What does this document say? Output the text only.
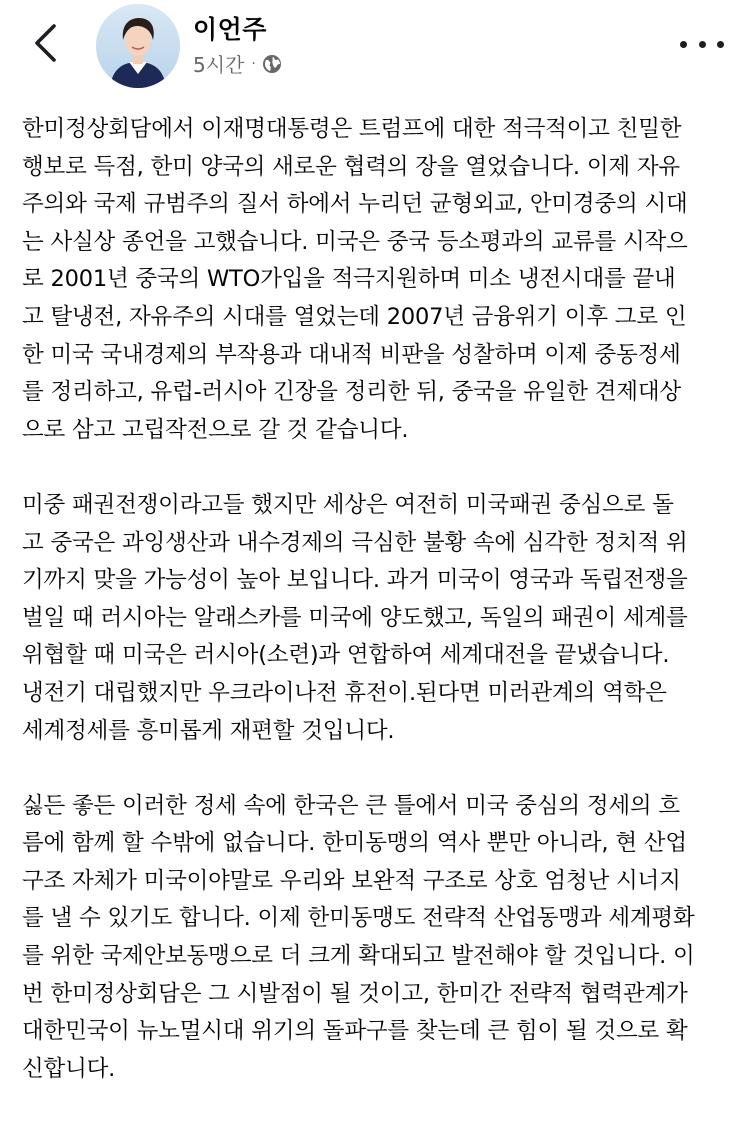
이언주
5시간 ·

한미정상회담에서 이재명대통령은 트럼프에 대한 적극적이고 친밀한
행보로 득점, 한미 양국의 새로운 협력의 장을 열었습니다. 이제 자유
주의와 국제 규범주의 질서 하에서 누리던 균형외교, 안미경중의 시대
는 사실상 종언을 고했습니다. 미국은 중국 등소평과의 교류를 시작으
로 2001년 중국의 WTO가입을 적극지원하며 미소 냉전시대를 끝내
고 탈냉전, 자유주의 시대를 열었는데 2007년 금융위기 이후 그로 인
한 미국 국내경제의 부작용과 대내적 비판을 성찰하며 이제 중동정세
를 정리하고, 유럽-러시아 긴장을 정리한 뒤, 중국을 유일한 견제대상
으로 삼고 고립작전으로 갈 것 같습니다.

미중 패권전쟁이라고들 했지만 세상은 여전히 미국패권 중심으로 돌
고 중국은 과잉생산과 내수경제의 극심한 불황 속에 심각한 정치적 위
기까지 맞을 가능성이 높아 보입니다. 과거 미국이 영국과 독립전쟁을
벌일 때 러시아는 알래스카를 미국에 양도했고, 독일의 패권이 세계를
위협할 때 미국은 러시아(소련)과 연합하여 세계대전을 끝냈습니다.
냉전기 대립했지만 우크라이나전 휴전이.된다면 미러관계의 역학은
세계정세를 흥미롭게 재편할 것입니다.

싫든 좋든 이러한 정세 속에 한국은 큰 틀에서 미국 중심의 정세의 흐
름에 함께 할 수밖에 없습니다. 한미동맹의 역사 뿐만 아니라, 현 산업
구조 자체가 미국이야말로 우리와 보완적 구조로 상호 엄청난 시너지
를 낼 수 있기도 합니다. 이제 한미동맹도 전략적 산업동맹과 세계평화
를 위한 국제안보동맹으로 더 크게 확대되고 발전해야 할 것입니다. 이
번 한미정상회담은 그 시발점이 될 것이고, 한미간 전략적 협력관계가
대한민국이 뉴노멀시대 위기의 돌파구를 찾는데 큰 힘이 될 것으로 확
신합니다.
